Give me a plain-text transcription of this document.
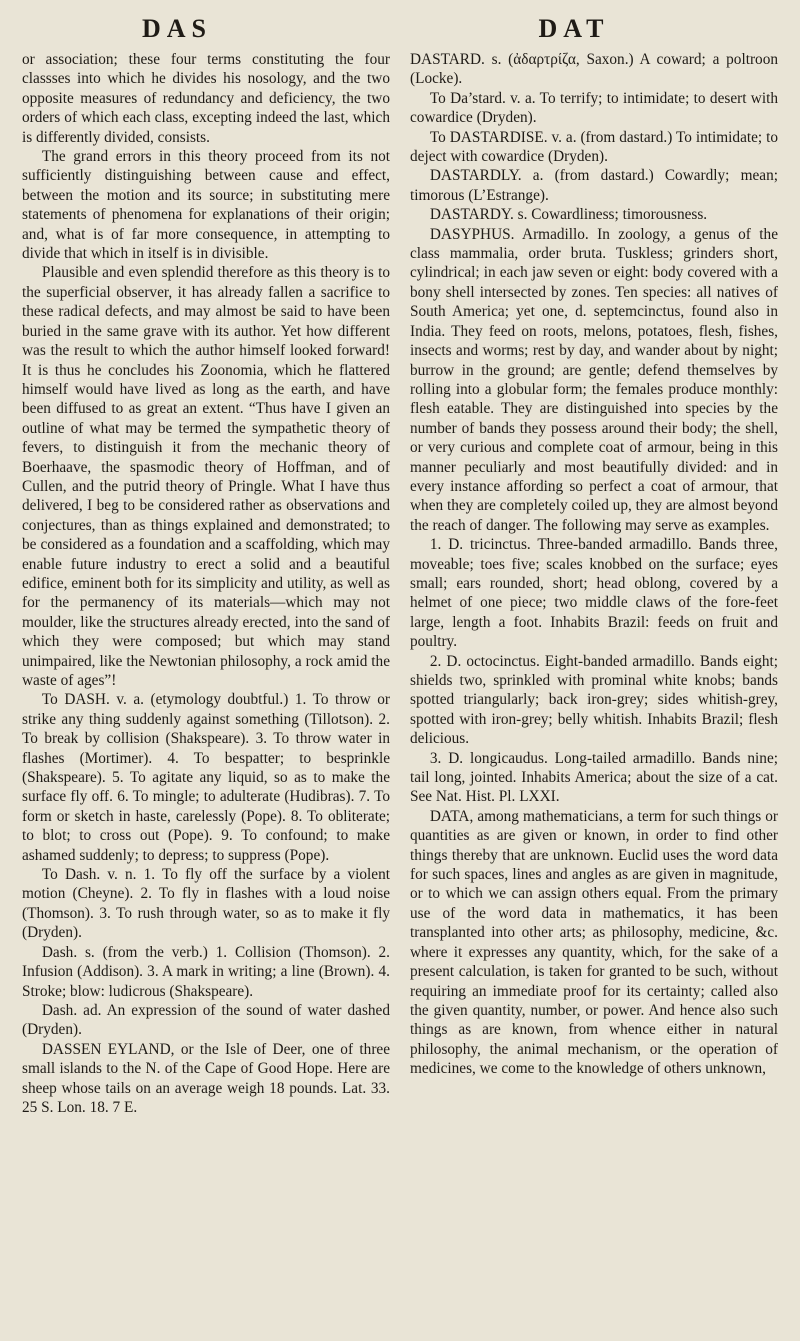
DAS	DAT

or association; these four terms constituting the four classses into which he divides his nosology, and the two opposite measures of redundancy and deficiency, the two orders of which each class, excepting indeed the last, which is differently divided, consists.

The grand errors in this theory proceed from its not sufficiently distinguishing between cause and effect, between the motion and its source; in substituting mere statements of phenomena for explanations of their origin; and, what is of far more consequence, in attempting to divide that which in itself is in divisible.

Plausible and even splendid therefore as this theory is to the superficial observer, it has already fallen a sacrifice to these radical defects, and may almost be said to have been buried in the same grave with its author. Yet how different was the result to which the author himself looked forward! It is thus he concludes his Zoonomia, which he flattered himself would have lived as long as the earth, and have been diffused to as great an extent. “Thus have I given an outline of what may be termed the sympathetic theory of fevers, to distinguish it from the mechanic theory of Boerhaave, the spasmodic theory of Hoffman, and of Cullen, and the putrid theory of Pringle. What I have thus delivered, I beg to be considered rather as observations and conjectures, than as things explained and demonstrated; to be considered as a foundation and a scaffolding, which may enable future industry to erect a solid and a beautiful edifice, eminent both for its simplicity and utility, as well as for the permanency of its materials—which may not moulder, like the structures already erected, into the sand of which they were composed; but which may stand unimpaired, like the Newtonian philosophy, a rock amid the waste of ages”!

To DASH. v. a. (etymology doubtful.) 1. To throw or strike any thing suddenly against something (Tillotson). 2. To break by collision (Shakspeare). 3. To throw water in flashes (Mortimer). 4. To bespatter; to besprinkle (Shakspeare). 5. To agitate any liquid, so as to make the surface fly off. 6. To mingle; to adulterate (Hudibras). 7. To form or sketch in haste, carelessly (Pope). 8. To obliterate; to blot; to cross out (Pope). 9. To confound; to make ashamed suddenly; to depress; to suppress (Pope).

To Dash. v. n. 1. To fly off the surface by a violent motion (Cheyne). 2. To fly in flashes with a loud noise (Thomson). 3. To rush through water, so as to make it fly (Dryden).

Dash. s. (from the verb.) 1. Collision (Thomson). 2. Infusion (Addison). 3. A mark in writing; a line (Brown). 4. Stroke; blow: ludicrous (Shakspeare).

Dash. ad. An expression of the sound of water dashed (Dryden).

DASSEN EYLAND, or the Isle of Deer, one of three small islands to the N. of the Cape of Good Hope. Here are sheep whose tails on an average weigh 18 pounds. Lat. 33. 25 S. Lon. 18. 7 E.

DASTARD. s. (ἀδαρτρίζα, Saxon.) A coward; a poltroon (Locke).

To Da’stard. v. a. To terrify; to intimidate; to desert with cowardice (Dryden).

To DASTARDISE. v. a. (from dastard.) To intimidate; to deject with cowardice (Dryden).

DASTARDLY. a. (from dastard.) Cowardly; mean; timorous (L’Estrange).

DASTARDY. s. Cowardliness; timorousness.

DASYPHUS. Armadillo. In zoology, a genus of the class mammalia, order bruta. Tuskless; grinders short, cylindrical; in each jaw seven or eight: body covered with a bony shell intersected by zones. Ten species: all natives of South America; yet one, d. septemcinctus, found also in India. They feed on roots, melons, potatoes, flesh, fishes, insects and worms; rest by day, and wander about by night; burrow in the ground; are gentle; defend themselves by rolling into a globular form; the females produce monthly: flesh eatable. They are distinguished into species by the number of bands they possess around their body; the shell, or very curious and complete coat of armour, being in this manner peculiarly and most beautifully divided: and in every instance affording so perfect a coat of armour, that when they are completely coiled up, they are almost beyond the reach of danger. The following may serve as examples.

1. D. tricinctus. Three-banded armadillo. Bands three, moveable; toes five; scales knobbed on the surface; eyes small; ears rounded, short; head oblong, covered by a helmet of one piece; two middle claws of the fore-feet large, length a foot. Inhabits Brazil: feeds on fruit and poultry.

2. D. octocinctus. Eight-banded armadillo. Bands eight; shields two, sprinkled with prominal white knobs; bands spotted triangularly; back iron-grey; sides whitish-grey, spotted with iron-grey; belly whitish. Inhabits Brazil; flesh delicious.

3. D. longicaudus. Long-tailed armadillo. Bands nine; tail long, jointed. Inhabits America; about the size of a cat. See Nat. Hist. Pl. LXXI.

DATA, among mathematicians, a term for such things or quantities as are given or known, in order to find other things thereby that are unknown. Euclid uses the word data for such spaces, lines and angles as are given in magnitude, or to which we can assign others equal. From the primary use of the word data in mathematics, it has been transplanted into other arts; as philosophy, medicine, &c. where it expresses any quantity, which, for the sake of a present calculation, is taken for granted to be such, without requiring an immediate proof for its certainty; called also the given quantity, number, or power. And hence also such things as are known, from whence either in natural philosophy, the animal mechanism, or the operation of medicines, we come to the knowledge of others unknown,
